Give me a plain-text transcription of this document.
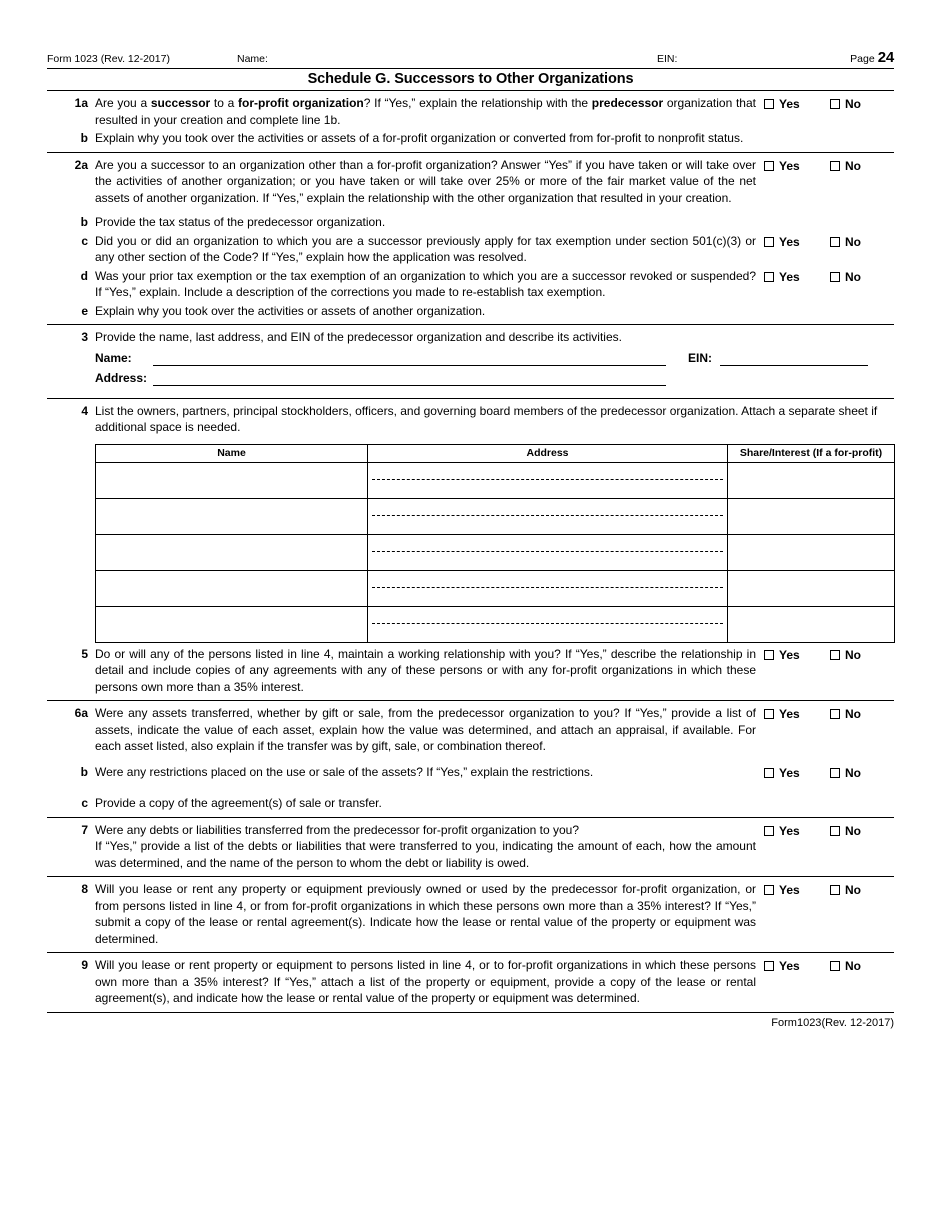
Form 1023 (Rev. 12-2017)	Name:	EIN:	Page 24
Schedule G. Successors to Other Organizations
1a Are you a successor to a for-profit organization? If “Yes,” explain the relationship with the predecessor organization that resulted in your creation and complete line 1b.

Yes	No
b Explain why you took over the activities or assets of a for-profit organization or converted from for-profit to nonprofit status.

2a Are you a successor to an organization other than a for-profit organization? Answer “Yes” if you have taken or will take over the activities of another organization; or you have taken or will take over 25% or more of the fair market value of the net assets of another organization. If “Yes,” explain the relationship with the other organization that resulted in your creation.

Yes	No
b Provide the tax status of the predecessor organization.

c Did you or did an organization to which you are a successor previously apply for tax exemption under section 501(c)(3) or any other section of the Code? If “Yes,” explain how the application was resolved.

Yes	No
d Was your prior tax exemption or the tax exemption of an organization to which you are a successor revoked or suspended? If “Yes,” explain. Include a description of the corrections you made to re-establish tax exemption.

Yes	No
e Explain why you took over the activities or assets of another organization.

3 Provide the name, last address, and EIN of the predecessor organization and describe its activities.

Name:	EIN:
Address:
4 List the owners, partners, principal stockholders, officers, and governing board members of the predecessor organization. Attach a separate sheet if additional space is needed.

Name	Address	Share/Interest (If a for-profit)

5 Do or will any of the persons listed in line 4, maintain a working relationship with you? If “Yes,” describe the relationship in detail and include copies of any agreements with any of these persons or with any for-profit organizations in which these persons own more than a 35% interest.

Yes	No
6a Were any assets transferred, whether by gift or sale, from the predecessor organization to you? If “Yes,” provide a list of assets, indicate the value of each asset, explain how the value was determined, and attach an appraisal, if available. For each asset listed, also explain if the transfer was by gift, sale, or combination thereof.

Yes	No
b Were any restrictions placed on the use or sale of the assets? If “Yes,” explain the restrictions.	Yes	No
c Provide a copy of the agreement(s) of sale or transfer.

7 Were any debts or liabilities transferred from the predecessor for-profit organization to you?

If “Yes,” provide a list of the debts or liabilities that were transferred to you, indicating the amount of each, how the amount was determined, and the name of the person to whom the debt or liability is owed.

Yes	No
8 Will you lease or rent any property or equipment previously owned or used by the predecessor for-profit organization, or from persons listed in line 4, or from for-profit organizations in which these persons own more than a 35% interest? If “Yes,” submit a copy of the lease or rental agreement(s). Indicate how the lease or rental value of the property or equipment was determined.

Yes	No
9 Will you lease or rent property or equipment to persons listed in line 4, or to for-profit organizations in which these persons own more than a 35% interest? If “Yes,” attach a list of the property or equipment, provide a copy of the lease or rental agreement(s), and indicate how the lease or rental value of the property or equipment was determined.

Yes	No
Form1023(Rev. 12-2017)
